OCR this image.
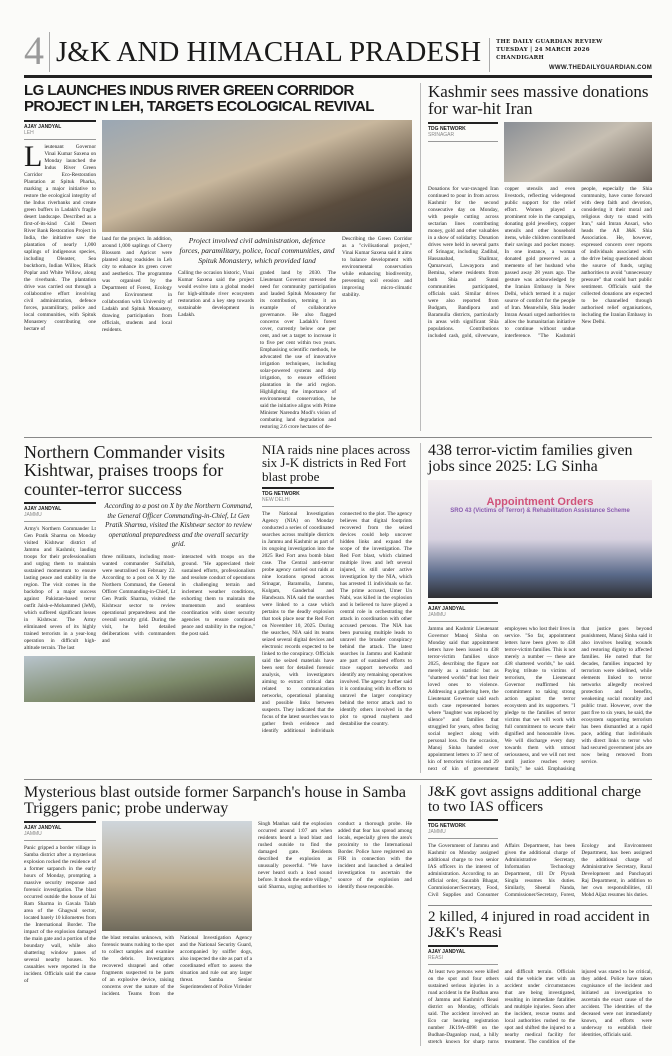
4 J&K AND HIMACHAL PRADESH	THE DAILY GUARDIAN REVIEW
TUESDAY | 24 MARCH 2026
CHANDIGARH
WWW.THEDAILYGUARDIAN.COM
LG LAUNCHES INDUS RIVER GREEN CORRIDOR PROJECT IN LEH, TARGETS ECOLOGICAL REVIVAL
AJAY JANDYAL
LEH
Lieutenant Governor Vinai Kumar Saxena on Monday launched the Indus River Green Corridor Eco-Restoration Plantation at Spituk Pharka, marking a major initiative to restore the ecological integrity of the Indus riverbanks and create green buffers in Ladakh's fragile desert landscape. Described as a first-of-its-kind Cold Desert River Bank Restoration Project in India, the initiative saw the plantation of nearly 1,000 saplings of indigenous species, including Oleaster, Sea buckthorn, Indian Willow, Black Poplar and White Willow, along the riverbank. The plantation drive was carried out through a collaborative effort involving civil administration, defence forces, paramilitary, police and local communities, with Spituk Monastery contributing one hectare of
land for the project. In addition, around 1,000 saplings of Cherry Blossom and Apricot were planted along roadsides in Leh city to enhance its green cover and aesthetics. The programme was organised by the Department of Forest, Ecology and Environment in collaboration with University of Ladakh and Spituk Monastery, drawing participation from officials, students and local residents.
Project involved civil administration, defence forces, paramilitary, police, local communities, and Spituk Monastery, which provided land
Calling the occasion historic, Vinai Kumar Saxena said the project would evolve into a global model for high-altitude river ecosystem restoration and a key step towards sustainable development in Ladakh.
graded land by 2030. The Lieutenant Governor stressed the need for community participation and lauded Spituk Monastery for its contribution, terming it an example of collaborative governance. He also flagged concerns over Ladakh's forest cover, currently below one per cent, and set a target to increase it to five per cent within two years. Emphasising scientific methods, he advocated the use of innovative irrigation techniques, including solar-powered systems and drip irrigation, to ensure efficient plantation in the arid region. Highlighting the importance of environmental conservation, he said the initiative aligns with Prime Minister Narendra Modi's vision of combating land degradation and restoring 2.6 crore hectares of de-
Describing the Green Corridor as a "civilisational project," Vinai Kumar Saxena said it aims to balance development with environmental conservation while enhancing biodiversity, preventing soil erosion and improving micro-climatic stability.
Kashmir sees massive donations for war-hit Iran
TDG NETWORK
SRINAGAR
Donations for war-ravaged Iran continued to pour in from across Kashmir for the second consecutive day on Monday, with people cutting across sectarian lines contributing money, gold and other valuables in a show of solidarity. Donation drives were held in several parts of Srinagar, including Zadibal, Hassanabad, Shalimar, Qamarwari, Lawaypora and Bemina, where residents from both Shia and Sunni communities participated, officials said. Similar drives were also reported from Budgam, Bandipora and Baramulla districts, particularly in areas with significant Shia populations. Contributions included cash, gold, silverware, copper utensils and even livestock, reflecting widespread public support for the relief effort. Women played a prominent role in the campaign, donating gold jewellery, copper utensils and other household items, while children contributed their savings and pocket money. In one instance, a woman donated gold preserved as a memento of her husband who passed away 28 years ago. The gesture was acknowledged by the Iranian Embassy in New Delhi, which termed it a major source of comfort for the people of Iran. Meanwhile, Shia leader Imran Ansari urged authorities to allow the humanitarian initiative to continue without undue interference. "The Kashmiri people, especially the Shia community, have come forward with deep faith and devotion, considering it their moral and religious duty to stand with Iran," said Imran Ansari, who heads the All J&K Shia Association. He, however, expressed concern over reports of individuals associated with the drive being questioned about the source of funds, urging authorities to avoid "unnecessary pressure" that could hurt public sentiment. Officials said the collected donations are expected to be channelled through authorised relief organisations, including the Iranian Embassy in New Delhi.
Northern Commander visits Kishtwar, praises troops for counter-terror success
AJAY JANDYAL
JAMMU
Army's Northern Commander Lt Gen Pratik Sharma on Monday visited Kishtwar district of Jammu and Kashmir, lauding troops for their professionalism and urging them to maintain sustained momentum to ensure lasting peace and stability in the region. The visit comes in the backdrop of a major success against Pakistan-based terror outfit Jaish-e-Mohammed (JeM), which suffered significant losses in Kishtwar. The Army eliminated seven of its highly trained terrorists in a year-long operation in difficult high-altitude terrain. The last
According to a post on X by the Northern Command, the General Officer Commanding-in-Chief, Lt Gen Pratik Sharma, visited the Kishtwar sector to review operational preparedness and the overall security grid.
three militants, including most-wanted commander Saifullah, were neutralised on February 22. According to a post on X by the Northern Command, the General Officer Commanding-in-Chief, Lt Gen Pratik Sharma, visited the Kishtwar sector to review operational preparedness and the overall security grid. During the visit, he held detailed deliberations with commanders and
interacted with troops on the ground. "He appreciated their sustained efforts, professionalism and resolute conduct of operations in challenging terrain and inclement weather conditions, exhorting them to maintain the momentum and seamless coordination with sister security agencies to ensure continued peace and stability in the region," the post said.
NIA raids nine places across six J-K districts in Red Fort blast probe
TDG NETWORK
NEW DELHI
The National Investigation Agency (NIA) on Monday conducted a series of coordinated searches across multiple districts in Jammu and Kashmir as part of its ongoing investigation into the 2025 Red Fort area bomb blast case. The Central anti-terror probe agency carried out raids at nine locations spread across Srinagar, Baramulla, Jammu, Kulgam, Ganderbal and Handwara. NIA said the searches were linked to a case which pertains to the deadly explosion that took place near the Red Fort on November 10, 2025. During the searches, NIA said its teams seized several digital devices and electronic records expected to be linked to the conspiracy. Officials said the seized materials have been sent for detailed forensic analysis, with investigators aiming to extract critical data related to communication networks, operational planning and possible links between suspects. They indicated that the focus of the latest searches was to gather fresh evidence and identify additional individuals connected to the plot. The agency believes that digital footprints recovered from the seized devices could help uncover hidden links and expand the scope of the investigation. The Red Fort blast, which claimed multiple lives and left several injured, is still under active investigation by the NIA, which has arrested 11 individuals so far. The prime accused, Umer Un Nabi, was killed in the explosion and is believed to have played a central role in orchestrating the attack in coordination with other accused persons. The NIA has been pursuing multiple leads to unravel the broader conspiracy behind the attack. The latest searches in Jammu and Kashmir are part of sustained efforts to trace support networks and identify any remaining operatives involved. The agency further said it is continuing with its efforts to unravel the larger conspiracy behind the terror attack and to identify others involved in the plot to spread mayhem and destabilise the country.
438 terror-victim families given jobs since 2025: LG Sinha
Appointment Orders
SRO 43 (Victims of Terror) & Rehabilitation Assistance Scheme
AJAY JANDYAL
JAMMU
Jammu and Kashmir Lieutenant Governor Manoj Sinha on Monday said that appointment letters have been issued to 438 terror-victim families since 2025, describing the figure not merely as a statistic but as "shattered worlds" that lost their loved ones to violence. Addressing a gathering here, the Lieutenant Governor said each such case represented homes where "laughter was replaced by silence" and families that struggled for years, often facing social neglect along with personal loss. On the occasion, Manoj Sinha handed over appointment letters to 37 next of kin of terrorism victims and 29 next of kin of government employees who lost their lives in service. "So far, appointment letters have been given to 438 terror-victim families. This is not merely a number — these are 438 shattered worlds," he said. Paying tribute to victims of terrorism, the Lieutenant Governor reaffirmed his commitment to taking strong action against the terror ecosystem and its supporters. "I pledge to the families of terror victims that we will work with full commitment to secure their dignified and honourable lives. We will discharge every duty towards them with utmost seriousness, and we will not rest until justice reaches every family," he said. Emphasising that justice goes beyond punishment, Manoj Sinha said it also involves healing wounds and restoring dignity to affected families. He noted that for decades, families impacted by terrorism were sidelined, while elements linked to terror networks allegedly received protection and benefits, weakening social morality and public trust. However, over the past five to six years, he said, the ecosystem supporting terrorism has been dismantled at a rapid pace, adding that individuals with direct links to terror who had secured government jobs are now being removed from service.
Mysterious blast outside former Sarpanch's house in Samba Triggers panic; probe underway
AJAY JANDYAL
JAMMU
Panic gripped a border village in Samba district after a mysterious explosion rocked the residence of a former sarpanch in the early hours of Monday, prompting a massive security response and forensic investigation. The blast occurred outside the house of Jai Ram Sharma in Gavala Talab area of the Ghagwal sector, located barely 10 kilometres from the International Border. The impact of the explosion damaged the main gate and a portion of the boundary wall, while also shattering window panes of several nearby houses. No casualties were reported in the incident. Officials said the cause of
the blast remains unknown, with forensic teams rushing to the spot to collect samples and examine the debris. Investigators recovered shrapnel and other fragments suspected to be parts of an explosive device, raising concerns over the nature of the incident. Teams from the National Investigation Agency and the National Security Guard, accompanied by sniffer dogs, also inspected the site as part of a coordinated effort to assess the situation and rule out any larger threat. Samba Senior Superintendent of Police Virinder
Singh Manhas said the explosion occurred around 1:07 am when residents heard a loud blast and rushed outside to find the damaged gate. Residents described the explosion as unusually powerful. "We have never heard such a loud sound before. It shook the entire village," said Sharma, urging authorities to conduct a thorough probe. He added that fear has spread among locals, especially given the area's proximity to the International Border. Police have registered an FIR in connection with the incident and launched a detailed investigation to ascertain the source of the explosion and identify those responsible.
J&K govt assigns additional charge to two IAS officers
TDG NETWORK
JAMMU
The Government of Jammu and Kashmir on Monday assigned additional charge to two senior IAS officers in the interest of administration. According to an official order, Saurabh Bhagat, Commissioner/Secretary, Food, Civil Supplies and Consumer Affairs Department, has been given the additional charge of Administrative Secretary, Information Technology Department, till Dr Piyush Singla resumes his duties. Similarly, Sheetal Nanda, Commissioner/Secretary, Forest, Ecology and Environment Department, has been assigned the additional charge of Administrative Secretary, Rural Development and Panchayati Raj Department, in addition to her own responsibilities, till Mohd Aijaz resumes his duties.
2 killed, 4 injured in road accident in J&K's Reasi
AJAY JANDYAL
REASI
At least two persons were killed on the spot and four others sustained serious injuries in a road accident in the Budhan area of Jammu and Kashmir's Reasi district on Monday, officials said. The accident involved an Eco car bearing registration number JK19A-4098 on the Budhan-Daganlop road, a hilly stretch known for sharp turns and difficult terrain. Officials said the vehicle met with an accident under circumstances that are being investigated, resulting in immediate fatalities and multiple injuries. Soon after the incident, rescue teams and local authorities rushed to the spot and shifted the injured to a nearby medical facility for treatment. The condition of the injured was stated to be critical, they added. Police have taken cognisance of the incident and initiated an investigation to ascertain the exact cause of the accident. The identities of the deceased were not immediately known, and efforts were underway to establish their identities, officials said.
